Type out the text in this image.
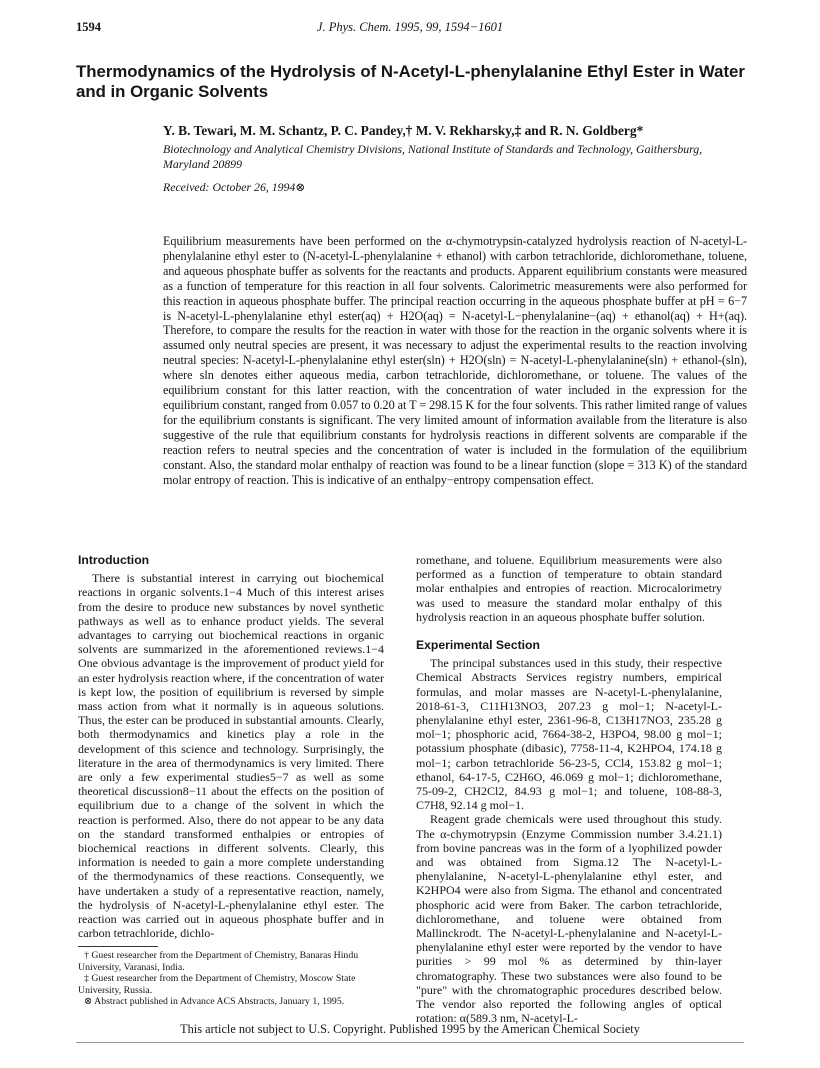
1594	J. Phys. Chem. 1995, 99, 1594−1601
Thermodynamics of the Hydrolysis of N-Acetyl-L-phenylalanine Ethyl Ester in Water and in Organic Solvents

Y. B. Tewari, M. M. Schantz, P. C. Pandey,† M. V. Rekharsky,‡ and R. N. Goldberg*

Biotechnology and Analytical Chemistry Divisions, National Institute of Standards and Technology, Gaithersburg, Maryland 20899

Received: October 26, 1994⊗

Equilibrium measurements have been performed on the α-chymotrypsin-catalyzed hydrolysis reaction of N-acetyl-L-phenylalanine ethyl ester to (N-acetyl-L-phenylalanine + ethanol) with carbon tetrachloride, dichloromethane, toluene, and aqueous phosphate buffer as solvents for the reactants and products. Apparent equilibrium constants were measured as a function of temperature for this reaction in all four solvents. Calorimetric measurements were also performed for this reaction in aqueous phosphate buffer. The principal reaction occurring in the aqueous phosphate buffer at pH = 6−7 is N-acetyl-L-phenylalanine ethyl ester(aq) + H2O(aq) = N-acetyl-L−phenylalanine−(aq) + ethanol(aq) + H+(aq). Therefore, to compare the results for the reaction in water with those for the reaction in the organic solvents where it is assumed only neutral species are present, it was necessary to adjust the experimental results to the reaction involving neutral species: N-acetyl-L-phenylalanine ethyl ester(sln) + H2O(sln) = N-acetyl-L-phenylalanine(sln) + ethanol-(sln), where sln denotes either aqueous media, carbon tetrachloride, dichloromethane, or toluene. The values of the equilibrium constant for this latter reaction, with the concentration of water included in the expression for the equilibrium constant, ranged from 0.057 to 0.20 at T = 298.15 K for the four solvents. This rather limited range of values for the equilibrium constants is significant. The very limited amount of information available from the literature is also suggestive of the rule that equilibrium constants for hydrolysis reactions in different solvents are comparable if the reaction refers to neutral species and the concentration of water is included in the formulation of the equilibrium constant. Also, the standard molar enthalpy of reaction was found to be a linear function (slope = 313 K) of the standard molar entropy of reaction. This is indicative of an enthalpy−entropy compensation effect.

Introduction

There is substantial interest in carrying out biochemical reactions in organic solvents.1−4 Much of this interest arises from the desire to produce new substances by novel synthetic pathways as well as to enhance product yields. The several advantages to carrying out biochemical reactions in organic solvents are summarized in the aforementioned reviews.1−4 One obvious advantage is the improvement of product yield for an ester hydrolysis reaction where, if the concentration of water is kept low, the position of equilibrium is reversed by simple mass action from what it normally is in aqueous solutions. Thus, the ester can be produced in substantial amounts. Clearly, both thermodynamics and kinetics play a role in the development of this science and technology. Surprisingly, the literature in the area of thermodynamics is very limited. There are only a few experimental studies5−7 as well as some theoretical discussion8−11 about the effects on the position of equilibrium due to a change of the solvent in which the reaction is performed. Also, there do not appear to be any data on the standard transformed enthalpies or entropies of biochemical reactions in different solvents. Clearly, this information is needed to gain a more complete understanding of the thermodynamics of these reactions. Consequently, we have undertaken a study of a representative reaction, namely, the hydrolysis of N-acetyl-L-phenylalanine ethyl ester. The reaction was carried out in aqueous phosphate buffer and in carbon tetrachloride, dichlo-

romethane, and toluene. Equilibrium measurements were also performed as a function of temperature to obtain standard molar enthalpies and entropies of reaction. Microcalorimetry was used to measure the standard molar enthalpy of this hydrolysis reaction in an aqueous phosphate buffer solution.

Experimental Section

The principal substances used in this study, their respective Chemical Abstracts Services registry numbers, empirical formulas, and molar masses are N-acetyl-L-phenylalanine, 2018-61-3, C11H13NO3, 207.23 g mol−1; N-acetyl-L-phenylalanine ethyl ester, 2361-96-8, C13H17NO3, 235.28 g mol−1; phosphoric acid, 7664-38-2, H3PO4, 98.00 g mol−1; potassium phosphate (dibasic), 7758-11-4, K2HPO4, 174.18 g mol−1; carbon tetrachloride 56-23-5, CCl4, 153.82 g mol−1; ethanol, 64-17-5, C2H6O, 46.069 g mol−1; dichloromethane, 75-09-2, CH2Cl2, 84.93 g mol−1; and toluene, 108-88-3, C7H8, 92.14 g mol−1.

Reagent grade chemicals were used throughout this study. The α-chymotrypsin (Enzyme Commission number 3.4.21.1) from bovine pancreas was in the form of a lyophilized powder and was obtained from Sigma.12 The N-acetyl-L-phenylalanine, N-acetyl-L-phenylalanine ethyl ester, and K2HPO4 were also from Sigma. The ethanol and concentrated phosphoric acid were from Baker. The carbon tetrachloride, dichloromethane, and toluene were obtained from Mallinckrodt. The N-acetyl-L-phenylalanine and N-acetyl-L-phenylalanine ethyl ester were reported by the vendor to have purities > 99 mol % as determined by thin-layer chromatography. These two substances were also found to be "pure" with the chromatographic procedures described below. The vendor also reported the following angles of optical rotation: α(589.3 nm, N-acetyl-L-

† Guest researcher from the Department of Chemistry, Banaras Hindu University, Varanasi, India.
‡ Guest researcher from the Department of Chemistry, Moscow State University, Russia.
⊗ Abstract published in Advance ACS Abstracts, January 1, 1995.
This article not subject to U.S. Copyright. Published 1995 by the American Chemical Society
